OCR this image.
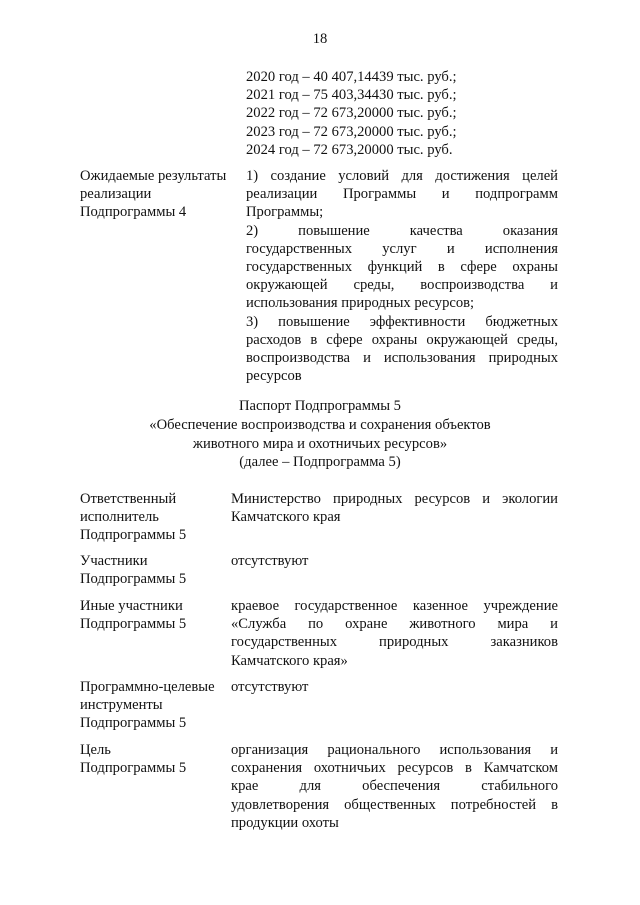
18
2020 год – 40 407,14439 тыс. руб.;
2021 год – 75 403,34430 тыс. руб.;
2022 год – 72 673,20000 тыс. руб.;
2023 год – 72 673,20000 тыс. руб.;
2024 год – 72 673,20000 тыс. руб.
Ожидаемые результаты
реализации
Подпрограммы 4
1) создание условий для достижения целей
реализации Программы и подпрограмм
Программы;
2) повышение качества оказания
государственных услуг и исполнения
государственных функций в сфере охраны
окружающей среды, воспроизводства и
использования природных ресурсов;
3) повышение эффективности бюджетных
расходов в сфере охраны окружающей среды,
воспроизводства и использования природных
ресурсов
Паспорт Подпрограммы 5
«Обеспечение воспроизводства и сохранения объектов
животного мира и охотничьих ресурсов»
(далее – Подпрограмма 5)
Ответственный
исполнитель
Подпрограммы 5
Министерство природных ресурсов и экологии
Камчатского края
Участники
Подпрограммы 5
отсутствуют
Иные участники
Подпрограммы 5
краевое государственное казенное учреждение
«Служба по охране животного мира и
государственных природных заказников
Камчатского края»
Программно-целевые
инструменты
Подпрограммы 5
отсутствуют
Цель
Подпрограммы 5
организация рационального использования и
сохранения охотничьих ресурсов в Камчатском
крае для обеспечения стабильного
удовлетворения общественных потребностей в
продукции охоты
